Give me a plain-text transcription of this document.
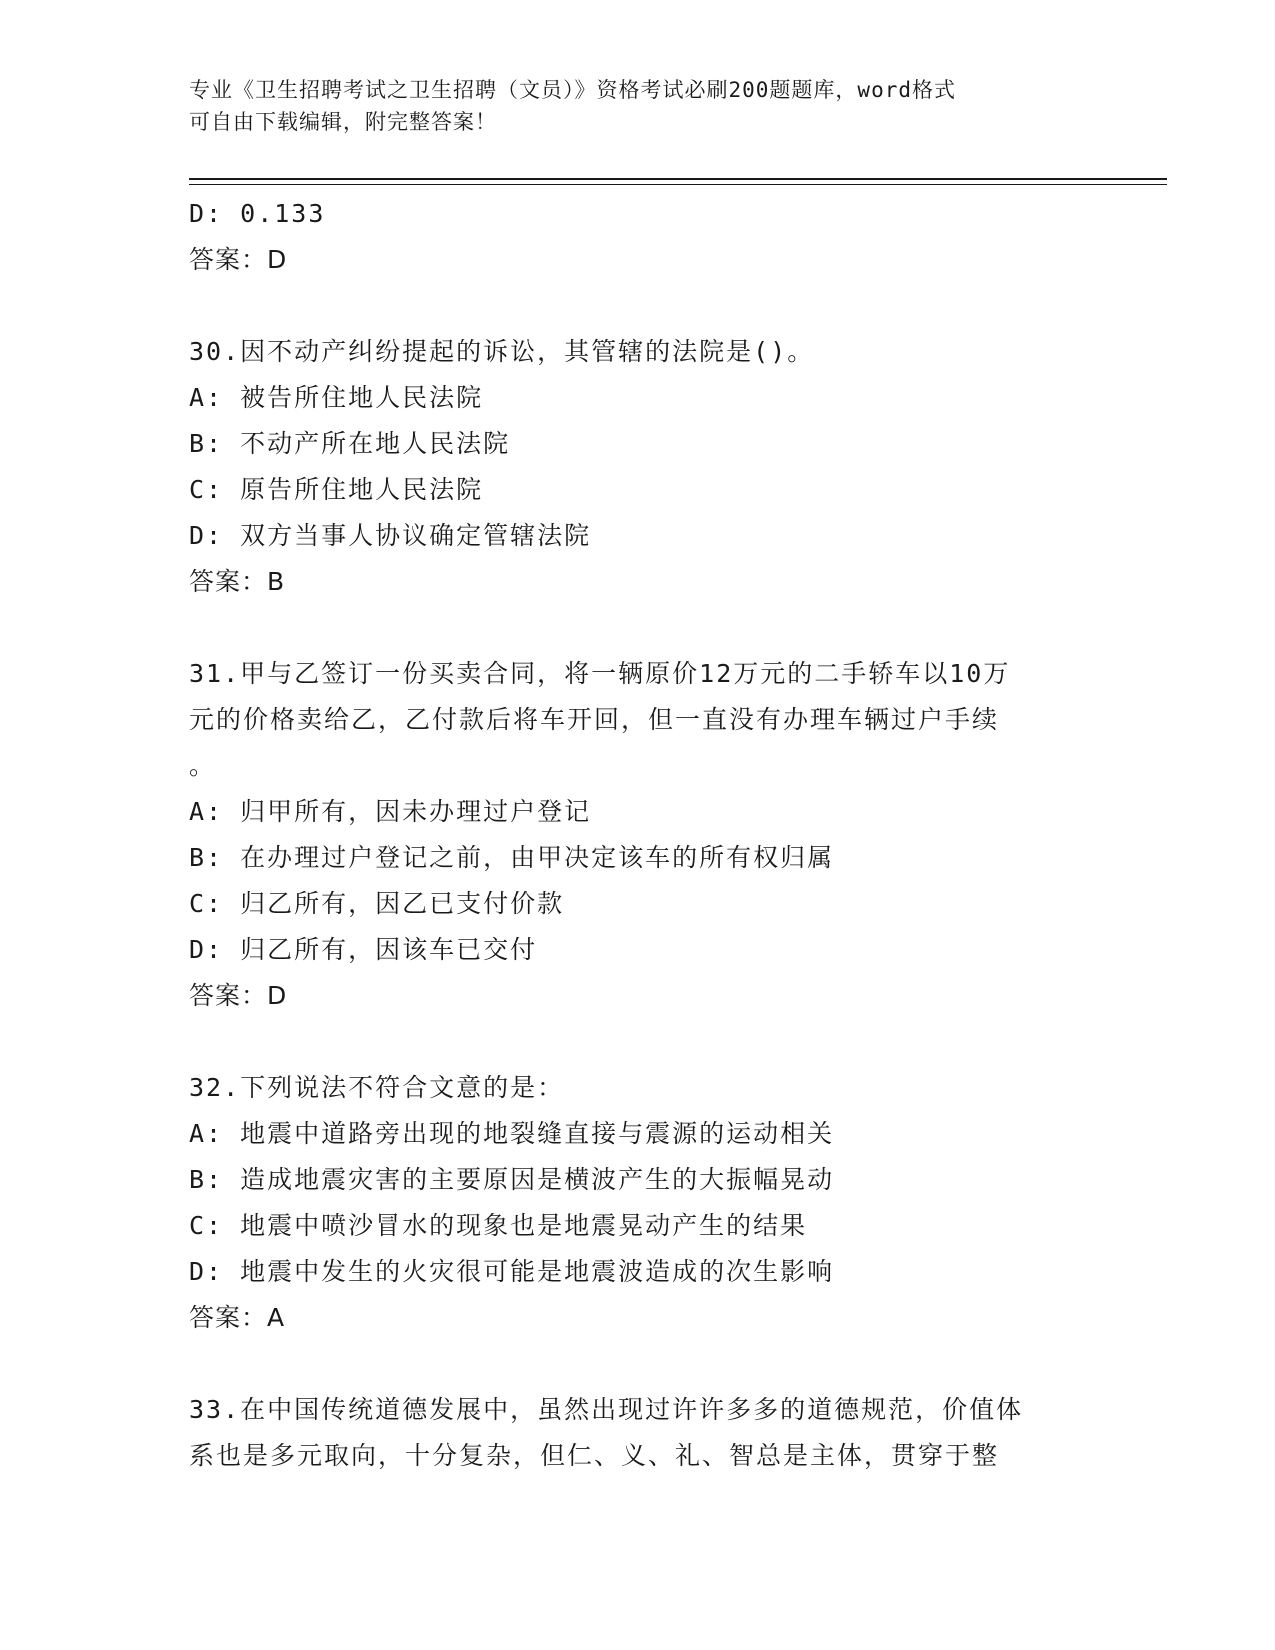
专业《卫生招聘考试之卫生招聘（文员）》资格考试必刷200题题库，word格式
可自由下载编辑，附完整答案！
D: 0.133
答案：D
30.因不动产纠纷提起的诉讼，其管辖的法院是()。
A: 被告所住地人民法院
B: 不动产所在地人民法院
C: 原告所住地人民法院
D: 双方当事人协议确定管辖法院
答案：B
31.甲与乙签订一份买卖合同，将一辆原价12万元的二手轿车以10万
元的价格卖给乙，乙付款后将车开回，但一直没有办理车辆过户手续
。
A: 归甲所有，因未办理过户登记
B: 在办理过户登记之前，由甲决定该车的所有权归属
C: 归乙所有，因乙已支付价款
D: 归乙所有，因该车已交付
答案：D
32.下列说法不符合文意的是：
A: 地震中道路旁出现的地裂缝直接与震源的运动相关
B: 造成地震灾害的主要原因是横波产生的大振幅晃动
C: 地震中喷沙冒水的现象也是地震晃动产生的结果
D: 地震中发生的火灾很可能是地震波造成的次生影响
答案：A
33.在中国传统道德发展中，虽然出现过许许多多的道德规范，价值体
系也是多元取向，十分复杂，但仁、义、礼、智总是主体，贯穿于整
